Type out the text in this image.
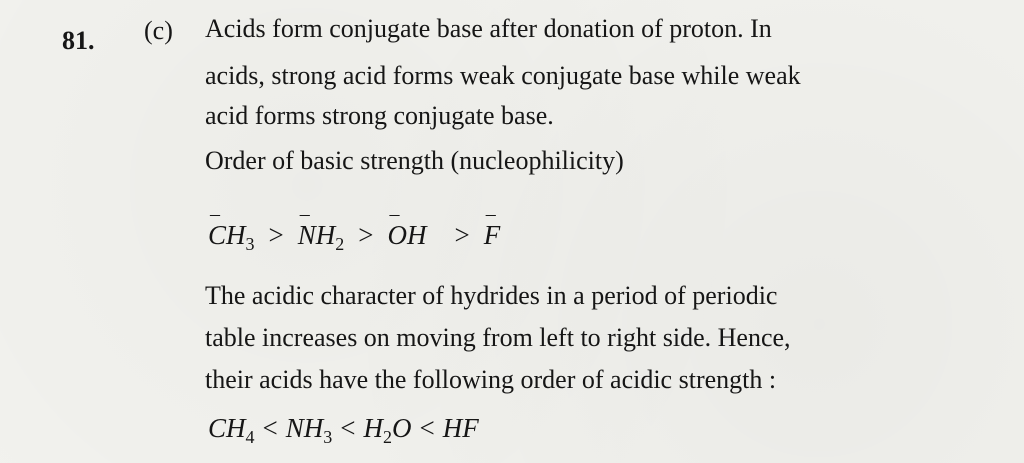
81. (c) Acids form conjugate base after donation of proton. In
acids, strong acid forms weak conjugate base while weak
acid forms strong conjugate base.
Order of basic strength (nucleophilicity)
–
$CH_3$ >
–
$NH_2$ >
–
OH >
–
F
The acidic character of hydrides in a period of periodic
table increases on moving from left to right side. Hence,
their acids have the following order of acidic strength :
$CH_4 < NH_3 < H_2O$ < HF
